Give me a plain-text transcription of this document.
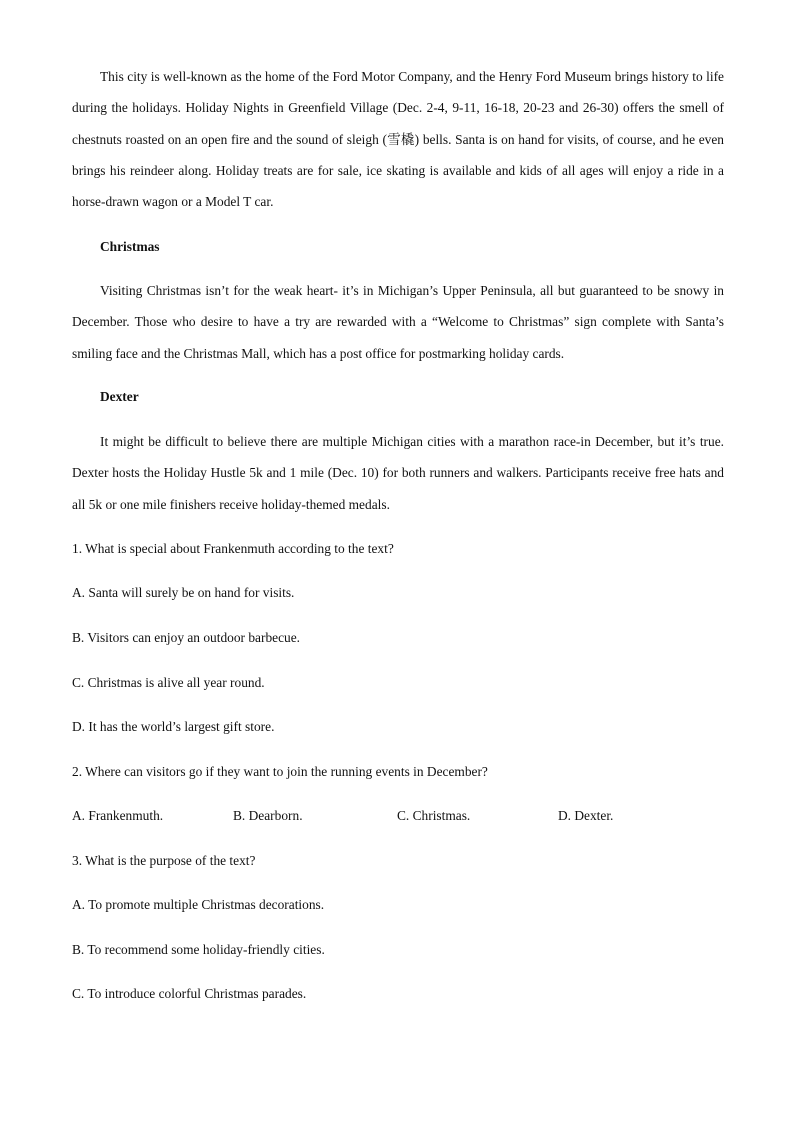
This city is well-known as the home of the Ford Motor Company, and the Henry Ford Museum brings history to life during the holidays. Holiday Nights in Greenfield Village (Dec. 2-4, 9-11, 16-18, 20-23 and 26-30) offers the smell of chestnuts roasted on an open fire and the sound of sleigh (雪橇) bells. Santa is on hand for visits, of course, and he even brings his reindeer along. Holiday treats are for sale, ice skating is available and kids of all ages will enjoy a ride in a horse-drawn wagon or a Model T car.

Christmas

Visiting Christmas isn’t for the weak heart- it’s in Michigan’s Upper Peninsula, all but guaranteed to be snowy in December. Those who desire to have a try are rewarded with a “Welcome to Christmas” sign complete with Santa’s smiling face and the Christmas Mall, which has a post office for postmarking holiday cards.

Dexter

It might be difficult to believe there are multiple Michigan cities with a marathon race-in December, but it’s true. Dexter hosts the Holiday Hustle 5k and 1 mile (Dec. 10) for both runners and walkers. Participants receive free hats and all 5k or one mile finishers receive holiday-themed medals.

1. What is special about Frankenmuth according to the text?

A. Santa will surely be on hand for visits.

B. Visitors can enjoy an outdoor barbecue.

C. Christmas is alive all year round.

D. It has the world’s largest gift store.

2. Where can visitors go if they want to join the running events in December?

A. Frankenmuth.	B. Dearborn.	C. Christmas.	D. Dexter.

3. What is the purpose of the text?

A. To promote multiple Christmas decorations.

B. To recommend some holiday-friendly cities.

C. To introduce colorful Christmas parades.
